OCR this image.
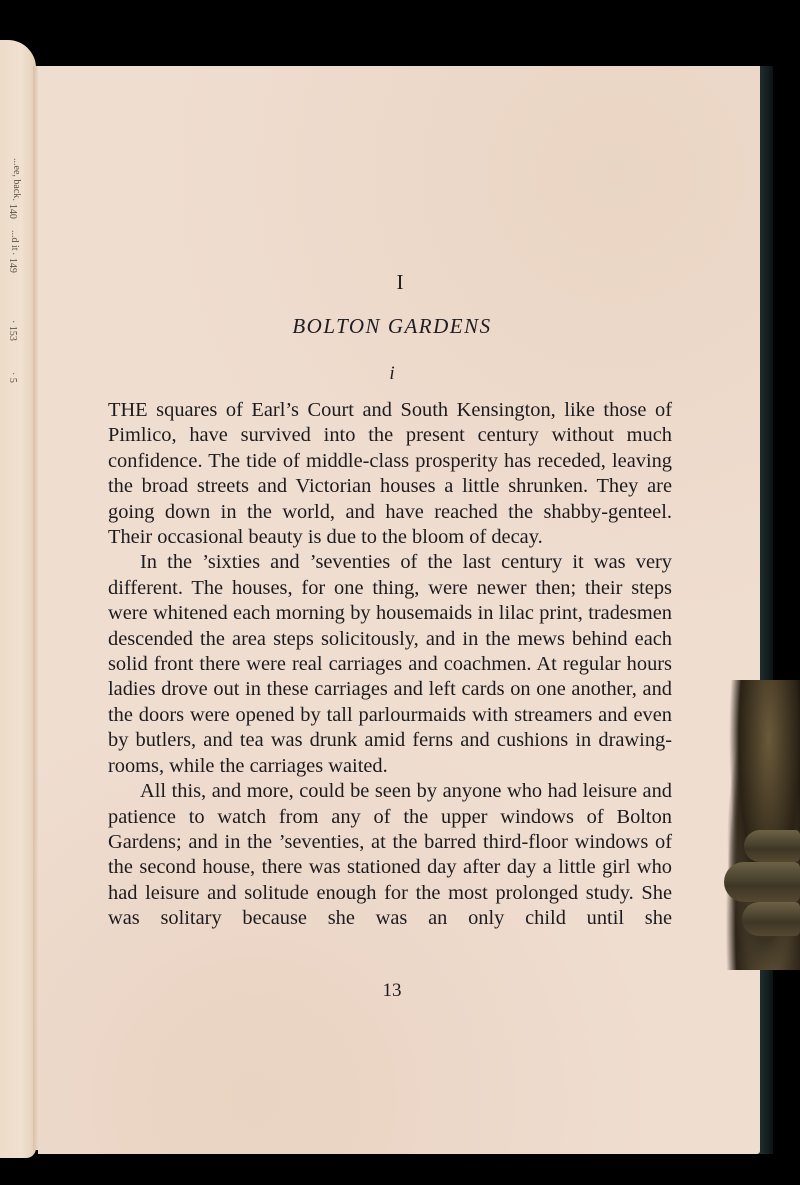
...ee, back
· 140
...d it
· 149
· 153
· 5
I
BOLTON GARDENS
i

THE squares of Earl’s Court and South Kensington, like those of Pimlico, have survived into the present century without much confidence. The tide of middle-class prosperity has receded, leaving the broad streets and Victorian houses a little shrunken. They are going down in the world, and have reached the shabby-genteel. Their occasional beauty is due to the bloom of decay.

In the ’sixties and ’seventies of the last century it was very different. The houses, for one thing, were newer then; their steps were whitened each morning by housemaids in lilac print, tradesmen descended the area steps solicitously, and in the mews behind each solid front there were real carriages and coachmen. At regular hours ladies drove out in these carriages and left cards on one another, and the doors were opened by tall parlourmaids with streamers and even by butlers, and tea was drunk amid ferns and cushions in drawing-rooms, while the carriages waited.

All this, and more, could be seen by anyone who had leisure and patience to watch from any of the upper windows of Bolton Gardens; and in the ’seventies, at the barred third-floor windows of the second house, there was stationed day after day a little girl who had leisure and solitude enough for the most prolonged study. She was solitary because she was an only child until she

13
